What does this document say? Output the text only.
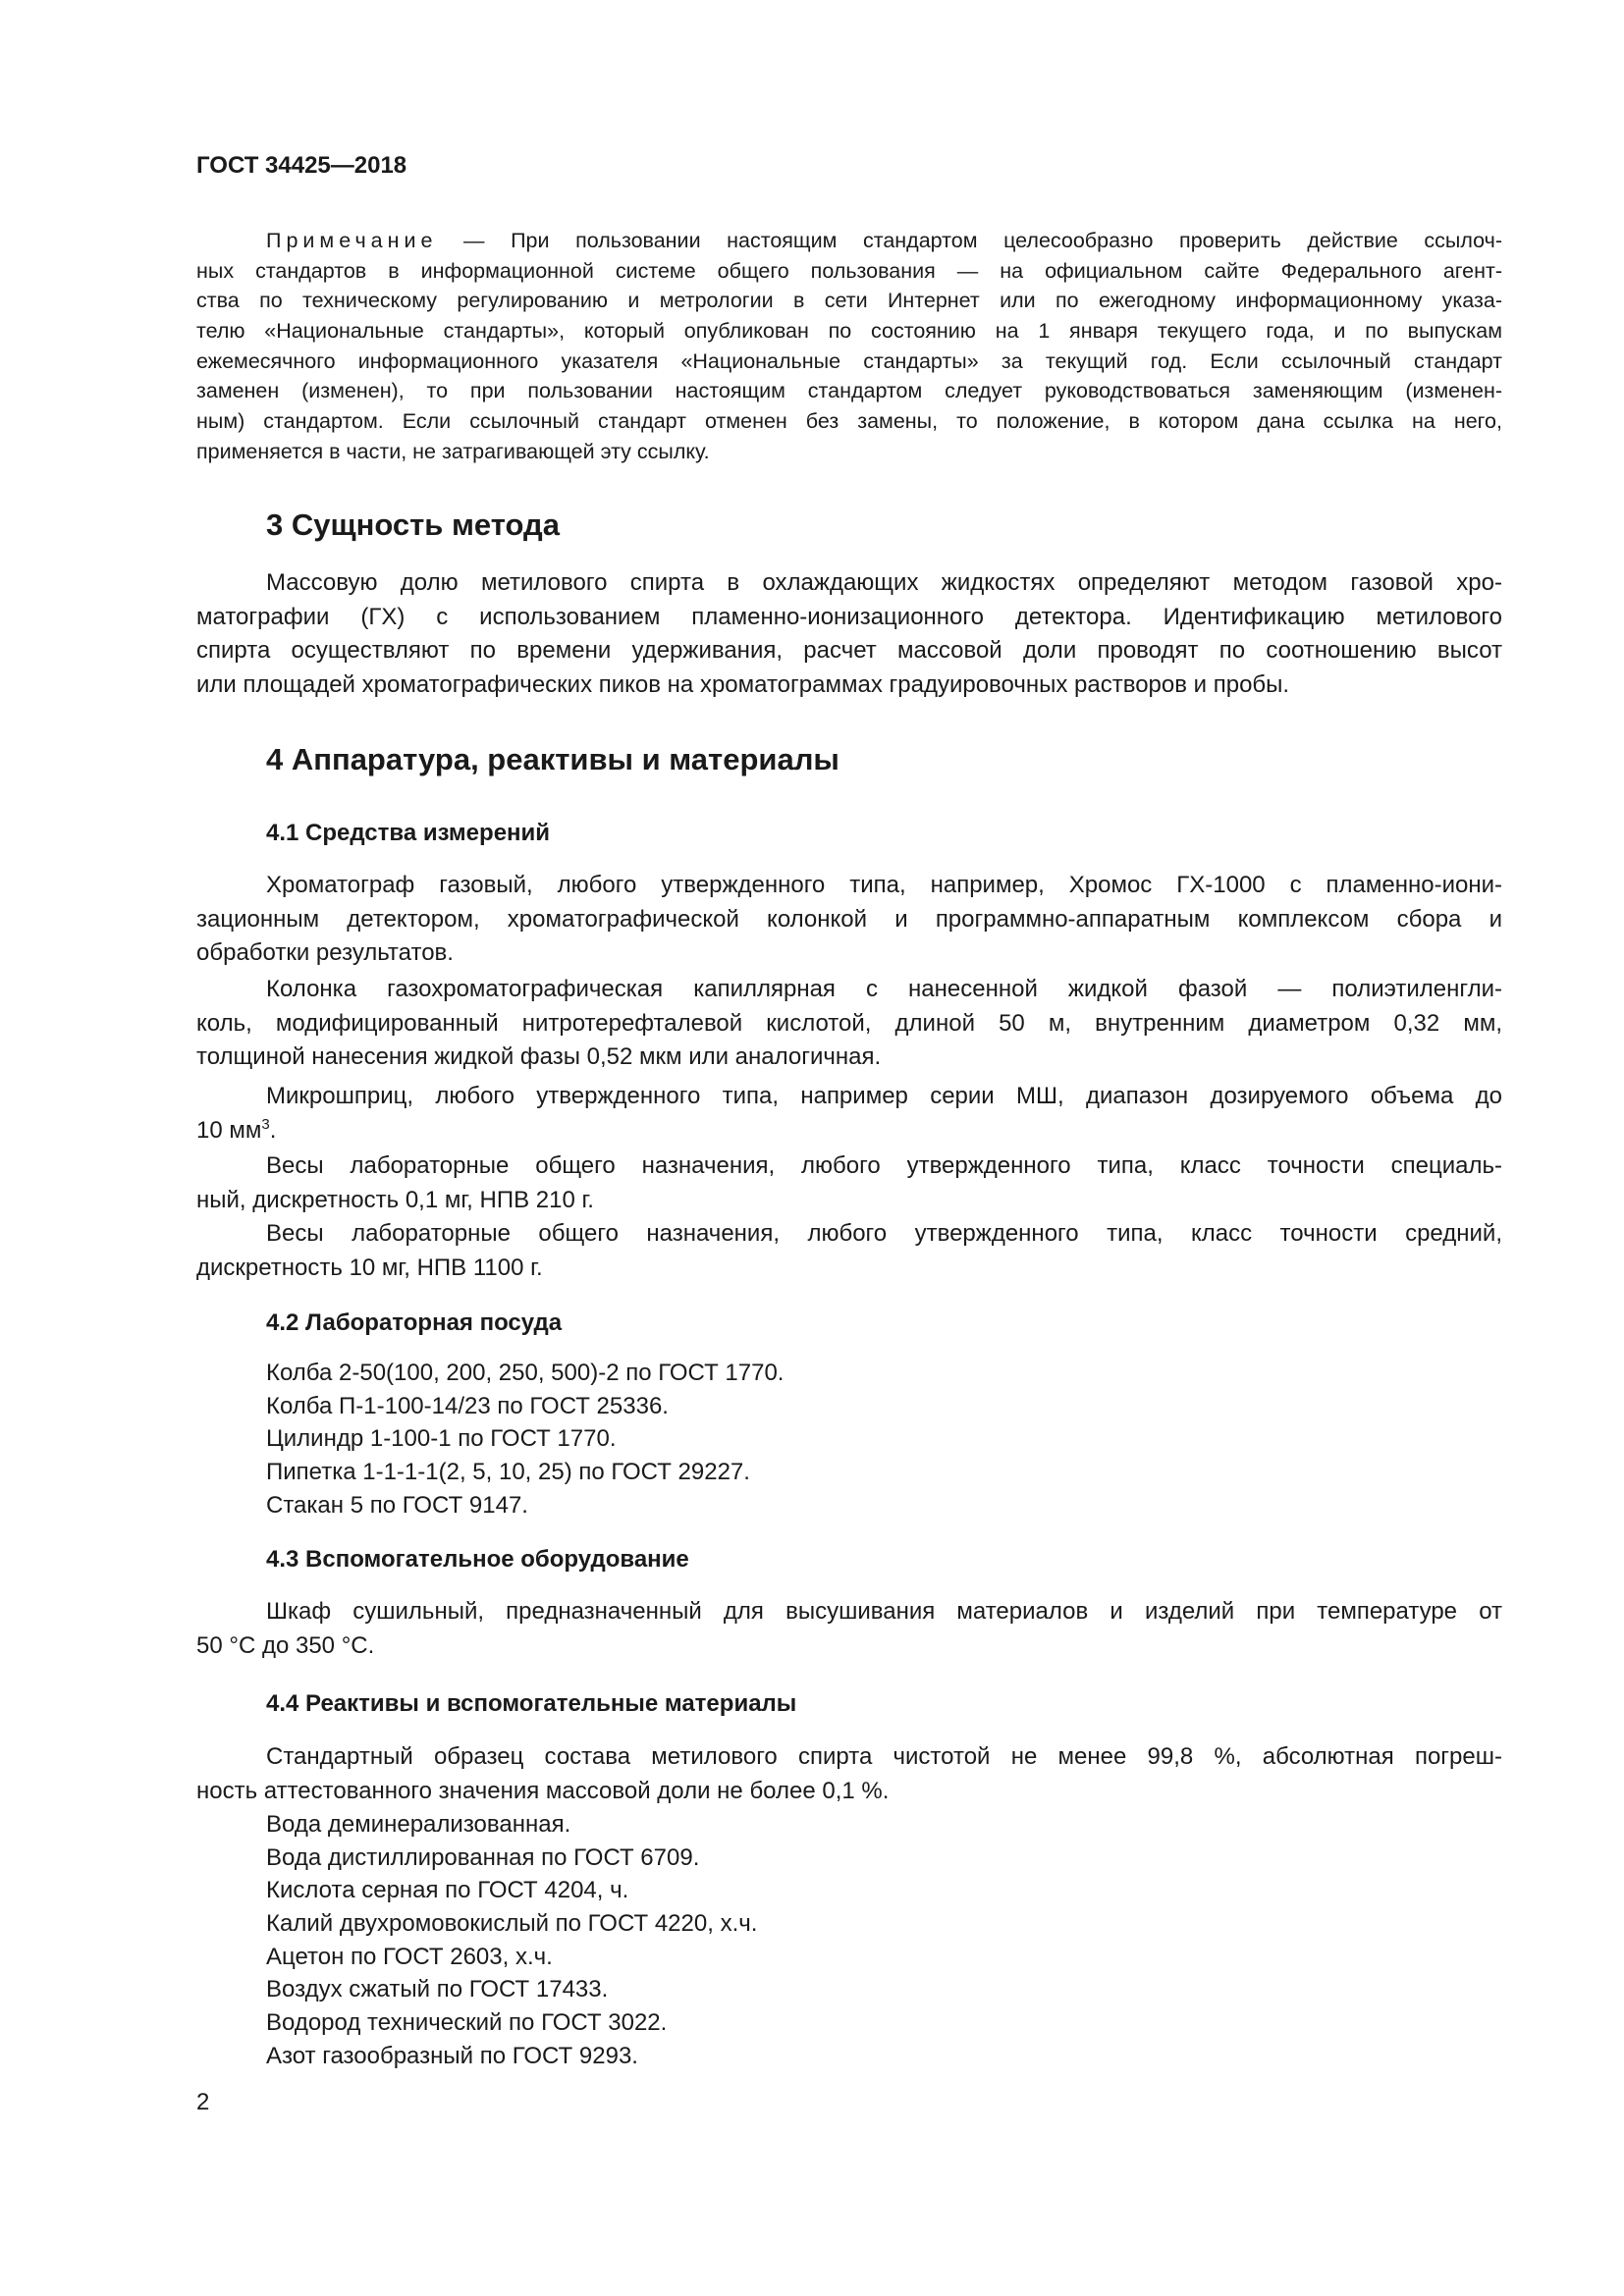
ГОСТ 34425—2018
Примечание — При пользовании настоящим стандартом целесообразно проверить действие ссылоч-
ных стандартов в информационной системе общего пользования — на официальном сайте Федерального агент-
ства по техническому регулированию и метрологии в сети Интернет или по ежегодному информационному указа-
телю «Национальные стандарты», который опубликован по состоянию на 1 января текущего года, и по выпускам
ежемесячного информационного указателя «Национальные стандарты» за текущий год. Если ссылочный стандарт
заменен (изменен), то при пользовании настоящим стандартом следует руководствоваться заменяющим (изменен-
ным) стандартом. Если ссылочный стандарт отменен без замены, то положение, в котором дана ссылка на него,
применяется в части, не затрагивающей эту ссылку.
3 Сущность метода
Массовую долю метилового спирта в охлаждающих жидкостях определяют методом газовой хро-
матографии (ГХ) с использованием пламенно-ионизационного детектора. Идентификацию метилового
спирта осуществляют по времени удерживания, расчет массовой доли проводят по соотношению высот
или площадей хроматографических пиков на хроматограммах градуировочных растворов и пробы.
4 Аппаратура, реактивы и материалы
4.1 Средства измерений
Хроматограф газовый, любого утвержденного типа, например, Хромос ГХ-1000 с пламенно-иони-
зационным детектором, хроматографической колонкой и программно-аппаратным комплексом сбора и
обработки результатов.
Колонка газохроматографическая капиллярная с нанесенной жидкой фазой — полиэтиленгли-
коль, модифицированный нитротерефталевой кислотой, длиной 50 м, внутренним диаметром 0,32 мм,
толщиной нанесения жидкой фазы 0,52 мкм или аналогичная.
Микрошприц, любого утвержденного типа, например серии МШ, диапазон дозируемого объема до
10 $мм^3$.
Весы лабораторные общего назначения, любого утвержденного типа, класс точности специаль-
ный, дискретность 0,1 мг, НПВ 210 г.
Весы лабораторные общего назначения, любого утвержденного типа, класс точности средний,
дискретность 10 мг, НПВ 1100 г.
4.2 Лабораторная посуда
Колба 2-50(100, 200, 250, 500)-2 по ГОСТ 1770.
Колба П-1-100-14/23 по ГОСТ 25336.
Цилиндр 1-100-1 по ГОСТ 1770.
Пипетка 1-1-1-1(2, 5, 10, 25) по ГОСТ 29227.
Стакан 5 по ГОСТ 9147.
4.3 Вспомогательное оборудование
Шкаф сушильный, предназначенный для высушивания материалов и изделий при температуре от
50 °С до 350 °С.
4.4 Реактивы и вспомогательные материалы
Стандартный образец состава метилового спирта чистотой не менее 99,8 %, абсолютная погреш-
ность аттестованного значения массовой доли не более 0,1 %.
Вода деминерализованная.
Вода дистиллированная по ГОСТ 6709.
Кислота серная по ГОСТ 4204, ч.
Калий двухромовокислый по ГОСТ 4220, х.ч.
Ацетон по ГОСТ 2603, х.ч.
Воздух сжатый по ГОСТ 17433.
Водород технический по ГОСТ 3022.
Азот газообразный по ГОСТ 9293.
2
